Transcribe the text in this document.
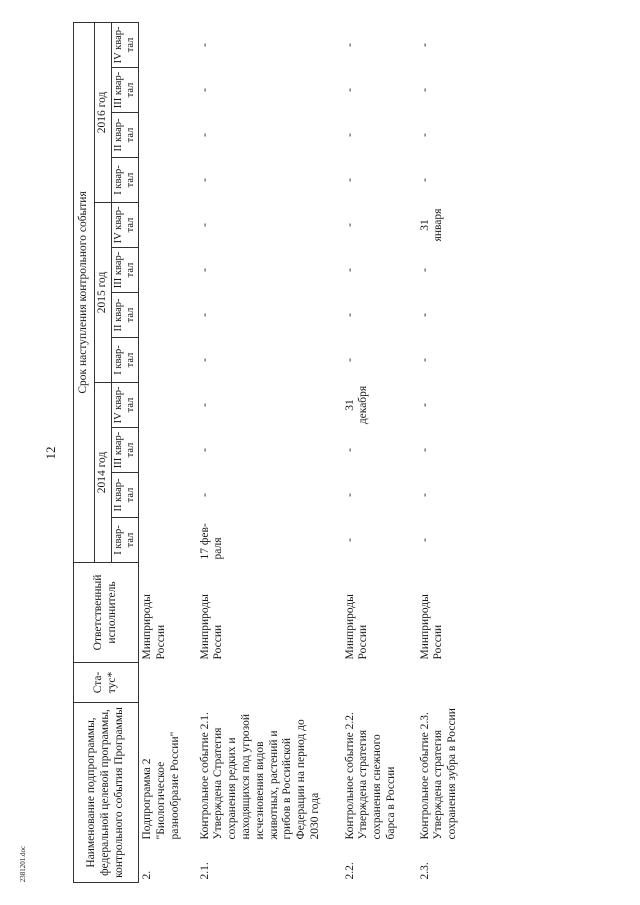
12
2381201.doc	Наименование подпрограммы, федеральной целевой программы, контрольного события Программы		Ста-тус*	Ответственный исполнитель	Срок наступления контрольного события											
				2014 год				2015 год				2016 год			
				I квар-тал	II квар-тал	III квар-тал	IV квар-тал	I квар-тал	II квар-тал	III квар-тал	IV квар-тал	I квар-тал	II квар-тал	III квар-тал	IV квар-тал
2.	Подпрограмма 2 "Биологическое разнообразие России"		Минприроды России												
2.1.	Контрольное событие 2.1. Утверждена Стратегия сохранения редких и находящихся под угрозой исчезновения видов животных, растений и грибов в Российской Федерации на период до 2030 года		Минприроды России	17 фев-раля	-	-	-	-	-	-	-	-	-	-	-
2.2.	Контрольное событие 2.2. Утверждена стратегия сохранения снежного барса в России		Минприроды России	-	-	-	31 декабря	-	-	-	-	-	-	-	-
2.3.	Контрольное событие 2.3. Утверждена стратегия сохранения зубра в России		Минприроды России	-	-	-	-	-	-	-	31 января	-	-	-	-
